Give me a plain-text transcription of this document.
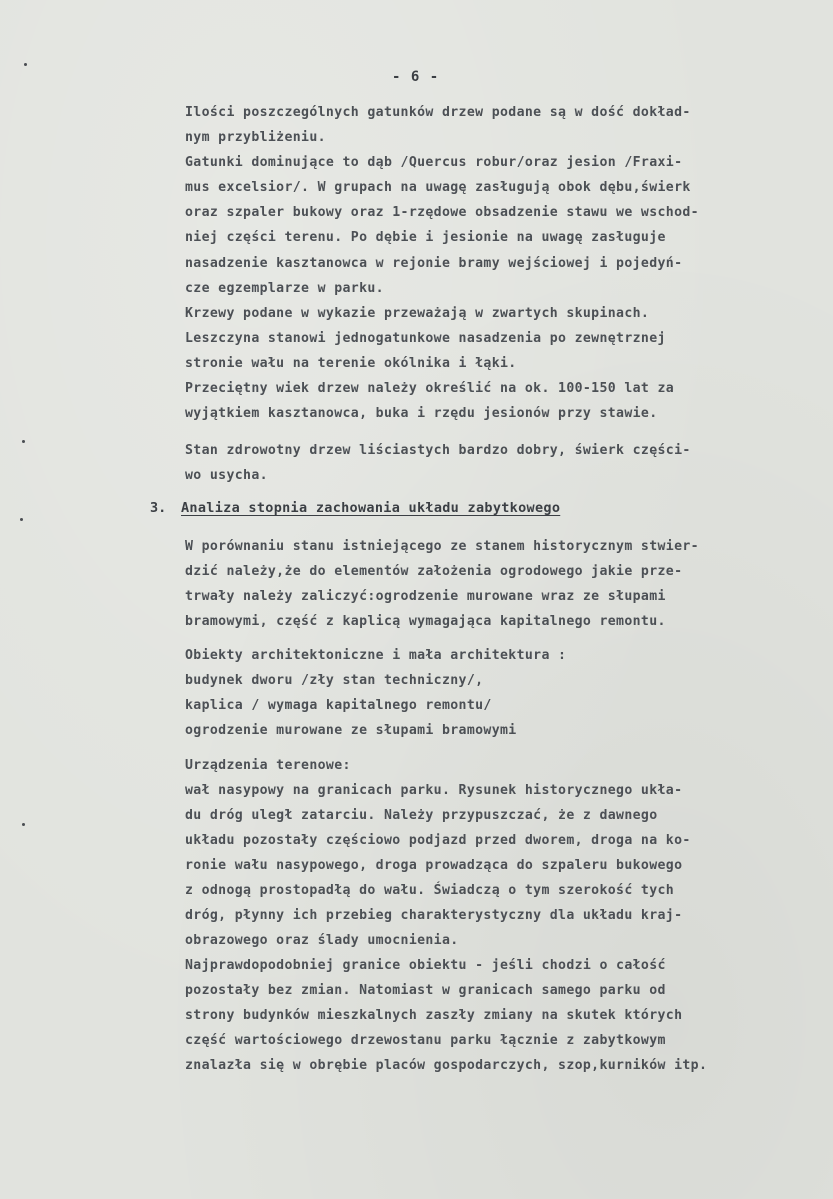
- 6 -
Ilości poszczególnych gatunków drzew podane są w dość dokład-
nym przybliżeniu.
Gatunki dominujące to dąb /Quercus robur/oraz jesion /Fraxi-
mus excelsior/. W grupach na uwagę zasługują obok dębu,świerk
oraz szpaler bukowy oraz 1-rzędowe obsadzenie stawu we wschod-
niej części terenu. Po dębie i jesionie na uwagę zasługuje
nasadzenie kasztanowca w rejonie bramy wejściowej i pojedyń-
cze egzemplarze w parku.
Krzewy podane w wykazie przeważają w zwartych skupinach.
Leszczyna stanowi jednogatunkowe nasadzenia po zewnętrznej
stronie wału na terenie okólnika i łąki.
Przeciętny wiek drzew należy określić na ok. 100-150 lat za
wyjątkiem kasztanowca, buka i rzędu jesionów przy stawie.
Stan zdrowotny drzew liściastych bardzo dobry, świerk części-
wo usycha.
3. Analiza stopnia zachowania układu zabytkowego
W porównaniu stanu istniejącego ze stanem historycznym stwier-
dzić należy,że do elementów założenia ogrodowego jakie prze-
trwały należy zaliczyć:ogrodzenie murowane wraz ze słupami
bramowymi, część z kaplicą wymagająca kapitalnego remontu.
Obiekty architektoniczne i mała architektura :
budynek dworu /zły stan techniczny/,
kaplica / wymaga kapitalnego remontu/
ogrodzenie murowane ze słupami bramowymi
Urządzenia terenowe:
wał nasypowy na granicach parku. Rysunek historycznego ukła-
du dróg uległ zatarciu. Należy przypuszczać, że z dawnego
układu pozostały częściowo podjazd przed dworem, droga na ko-
ronie wału nasypowego, droga prowadząca do szpaleru bukowego
z odnogą prostopadłą do wału. Świadczą o tym szerokość tych
dróg, płynny ich przebieg charakterystyczny dla układu kraj-
obrazowego oraz ślady umocnienia.
Najprawdopodobniej granice obiektu - jeśli chodzi o całość
pozostały bez zmian. Natomiast w granicach samego parku od
strony budynków mieszkalnych zaszły zmiany na skutek których
część wartościowego drzewostanu parku łącznie z zabytkowym
znalazła się w obrębie placów gospodarczych, szop,kurników itp.
